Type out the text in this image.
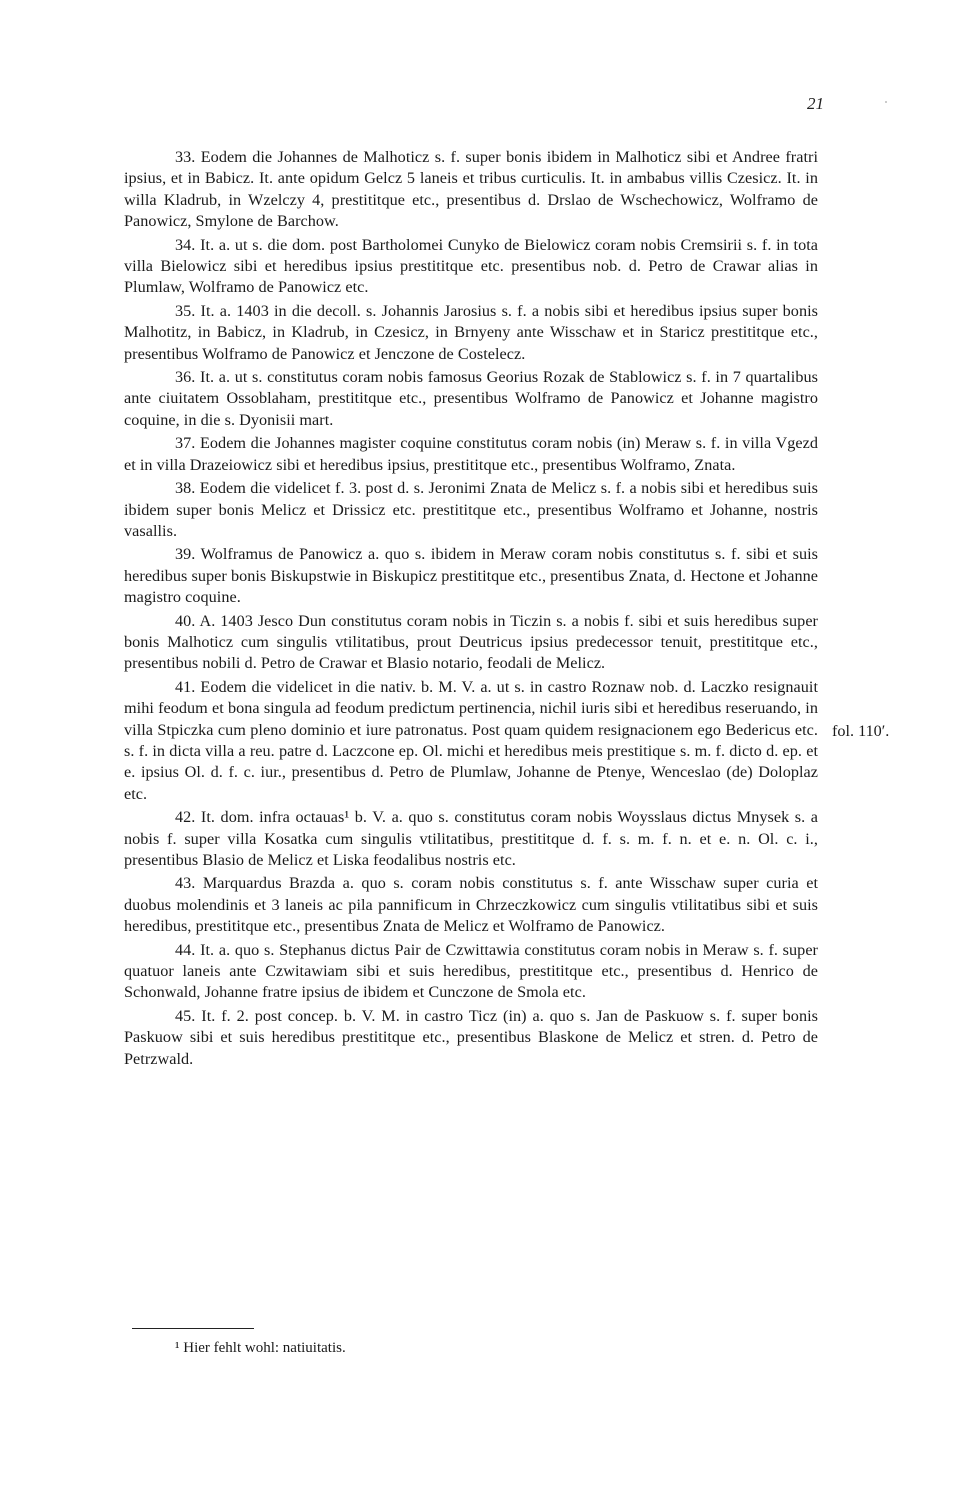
21

33. Eodem die Johannes de Malhoticz s. f. super bonis ibidem in Malhoticz sibi et Andree fratri ipsius, et in Babicz. It. ante opidum Gelcz 5 laneis et tribus curticulis. It. in ambabus villis Czesicz. It. in willa Kladrub, in Wzelczy 4, prestititque etc., presentibus d. Drslao de Wschechowicz, Wolframo de Panowicz, Smylone de Barchow.

34. It. a. ut s. die dom. post Bartholomei Cunyko de Bielowicz coram nobis Cremsirii s. f. in tota villa Bielowicz sibi et heredibus ipsius prestititque etc. presentibus nob. d. Petro de Crawar alias in Plumlaw, Wolframo de Panowicz etc.

35. It. a. 1403 in die decoll. s. Johannis Jarosius s. f. a nobis sibi et heredibus ipsius super bonis Malhotitz, in Babicz, in Kladrub, in Czesicz, in Brnyeny ante Wisschaw et in Staricz prestititque etc., presentibus Wolframo de Panowicz et Jenczone de Costelecz.

36. It. a. ut s. constitutus coram nobis famosus Georius Rozak de Stablowicz s. f. in 7 quartalibus ante ciuitatem Ossoblaham, prestititque etc., presentibus Wolframo de Panowicz et Johanne magistro coquine, in die s. Dyonisii mart.

37. Eodem die Johannes magister coquine constitutus coram nobis (in) Meraw s. f. in villa Vgezd et in villa Drazeiowicz sibi et heredibus ipsius, prestititque etc., presentibus Wolframo, Znata.

38. Eodem die videlicet f. 3. post d. s. Jeronimi Znata de Melicz s. f. a nobis sibi et heredibus suis ibidem super bonis Melicz et Drissicz etc. prestititque etc., presentibus Wolframo et Johanne, nostris vasallis.

39. Wolframus de Panowicz a. quo s. ibidem in Meraw coram nobis constitutus s. f. sibi et suis heredibus super bonis Biskupstwie in Biskupicz prestititque etc., presentibus Znata, d. Hectone et Johanne magistro coquine.

40. A. 1403 Jesco Dun constitutus coram nobis in Ticzin s. a nobis f. sibi et suis heredibus super bonis Malhoticz cum singulis vtilitatibus, prout Deutricus ipsius predecessor tenuit, prestititque etc., presentibus nobili d. Petro de Crawar et Blasio notario, feodali de Melicz.

41. Eodem die videlicet in die nativ. b. M. V. a. ut s. in castro Roznaw nob. d. Laczko resignauit mihi feodum et bona singula ad feodum predictum pertinencia, nichil iuris sibi et heredibus reseruando, in villa Stpiczka cum pleno dominio et iure patronatus. Post quam quidem resignacionem ego Bedericus etc. s. f. in dicta villa a reu. patre d. Laczcone ep. Ol. michi et heredibus meis prestitique s. m. f. dicto d. ep. et e. ipsius Ol. d. f. c. iur., presentibus d. Petro de Plumlaw, Johanne de Ptenye, Wenceslao (de) Doloplaz etc.

42. It. dom. infra octauas¹ b. V. a. quo s. constitutus coram nobis Woysslaus dictus Mnysek s. a nobis f. super villa Kosatka cum singulis vtilitatibus, prestititque d. f. s. m. f. n. et e. n. Ol. c. i., presentibus Blasio de Melicz et Liska feodalibus nostris etc.

43. Marquardus Brazda a. quo s. coram nobis constitutus s. f. ante Wisschaw super curia et duobus molendinis et 3 laneis ac pila pannificum in Chrzeczkowicz cum singulis vtilitatibus sibi et suis heredibus, prestititque etc., presentibus Znata de Melicz et Wolframo de Panowicz.

44. It. a. quo s. Stephanus dictus Pair de Czwittawia constitutus coram nobis in Meraw s. f. super quatuor laneis ante Czwitawiam sibi et suis heredibus, prestititque etc., presentibus d. Henrico de Schonwald, Johanne fratre ipsius de ibidem et Cunczone de Smola etc.

45. It. f. 2. post concep. b. V. M. in castro Ticz (in) a. quo s. Jan de Paskuow s. f. super bonis Paskuow sibi et suis heredibus prestititque etc., presentibus Blaskone de Melicz et stren. d. Petro de Petrzwald.

fol. 110′.
¹ Hier fehlt wohl: natiuitatis.
